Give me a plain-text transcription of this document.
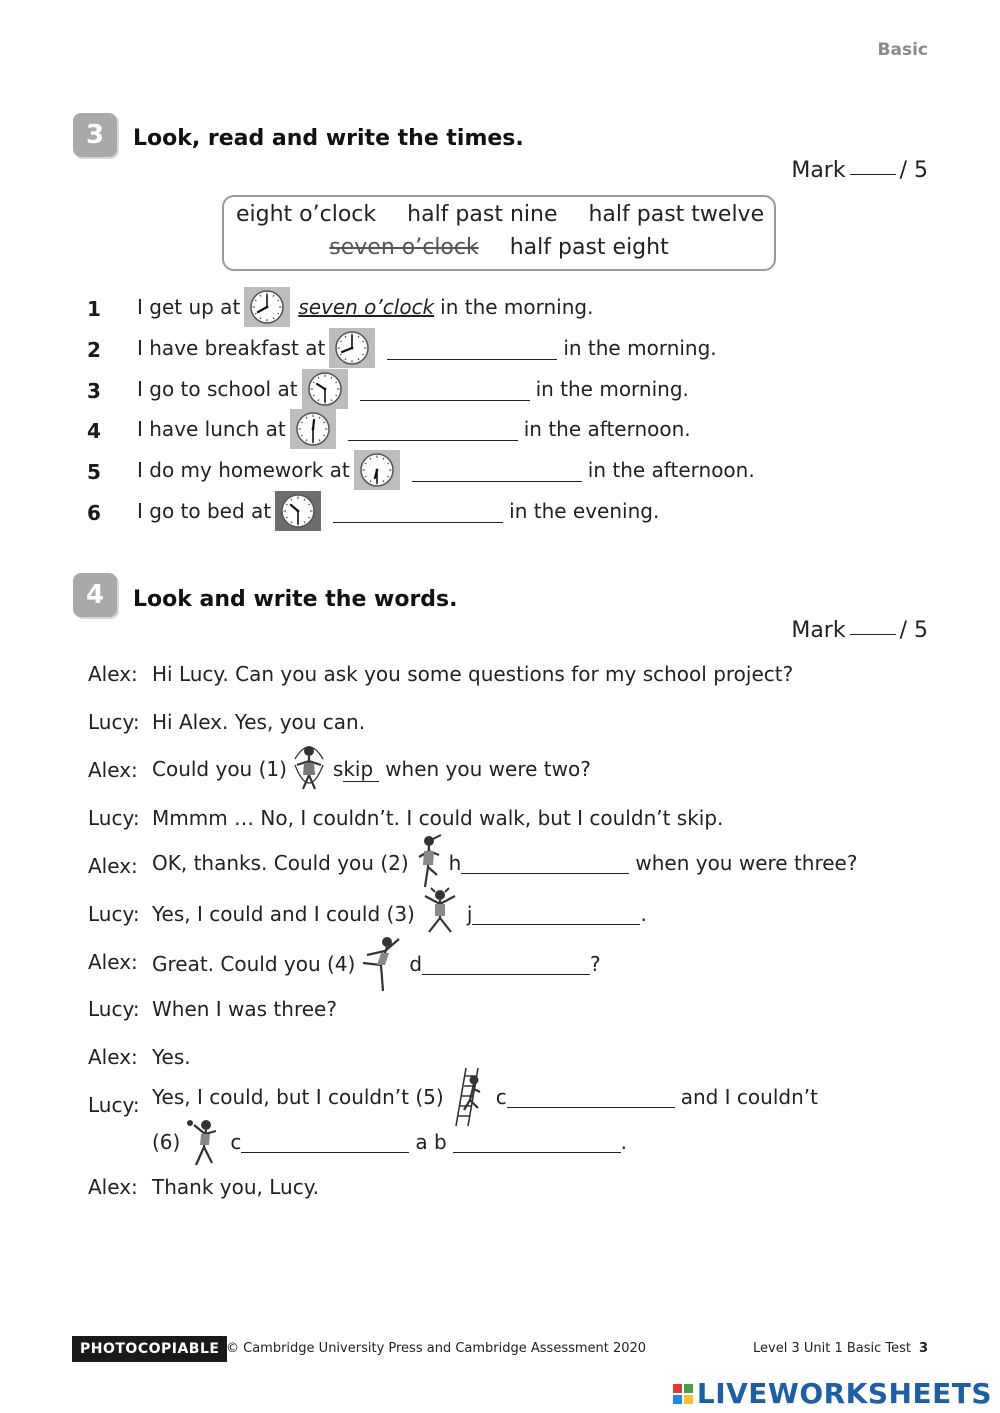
Basic
3	Look, read and write the times.
Mark / 5
eight o’clock half past nine half past twelve
seven o’clock half past eight
1 I get up at	seven o’clock in the morning.
2 I have breakfast at	in the morning.
3 I go to school at	in the morning.
4 I have lunch at	in the afternoon.
5 I do my homework at	in the afternoon.
6 I go to bed at	in the evening.
4	Look and write the words.
Mark / 5
Alex: Hi Lucy. Can you ask you some questions for my school project?
Lucy: Hi Alex. Yes, you can.
Alex: Could you (1) s kip when you were two?
Lucy: Mmmm … No, I couldn’t. I could walk, but I couldn’t skip.
Alex: OK, thanks. Could you (2) h	when you were three?
Lucy: Yes, I could and I could (3)	j	.
Alex: Great. Could you (4)	d	?
Lucy: When I was three?
Alex: Yes.
Lucy: Yes, I could, but I couldn’t (5)	c	and I couldn’t
(6)	c	a b	.
Alex: Thank you, Lucy.
PHOTOCOPIABLE © Cambridge University Press and Cambridge Assessment 2020	Level 3 Unit 1 Basic Test 3
LIVEWORKSHEETS
